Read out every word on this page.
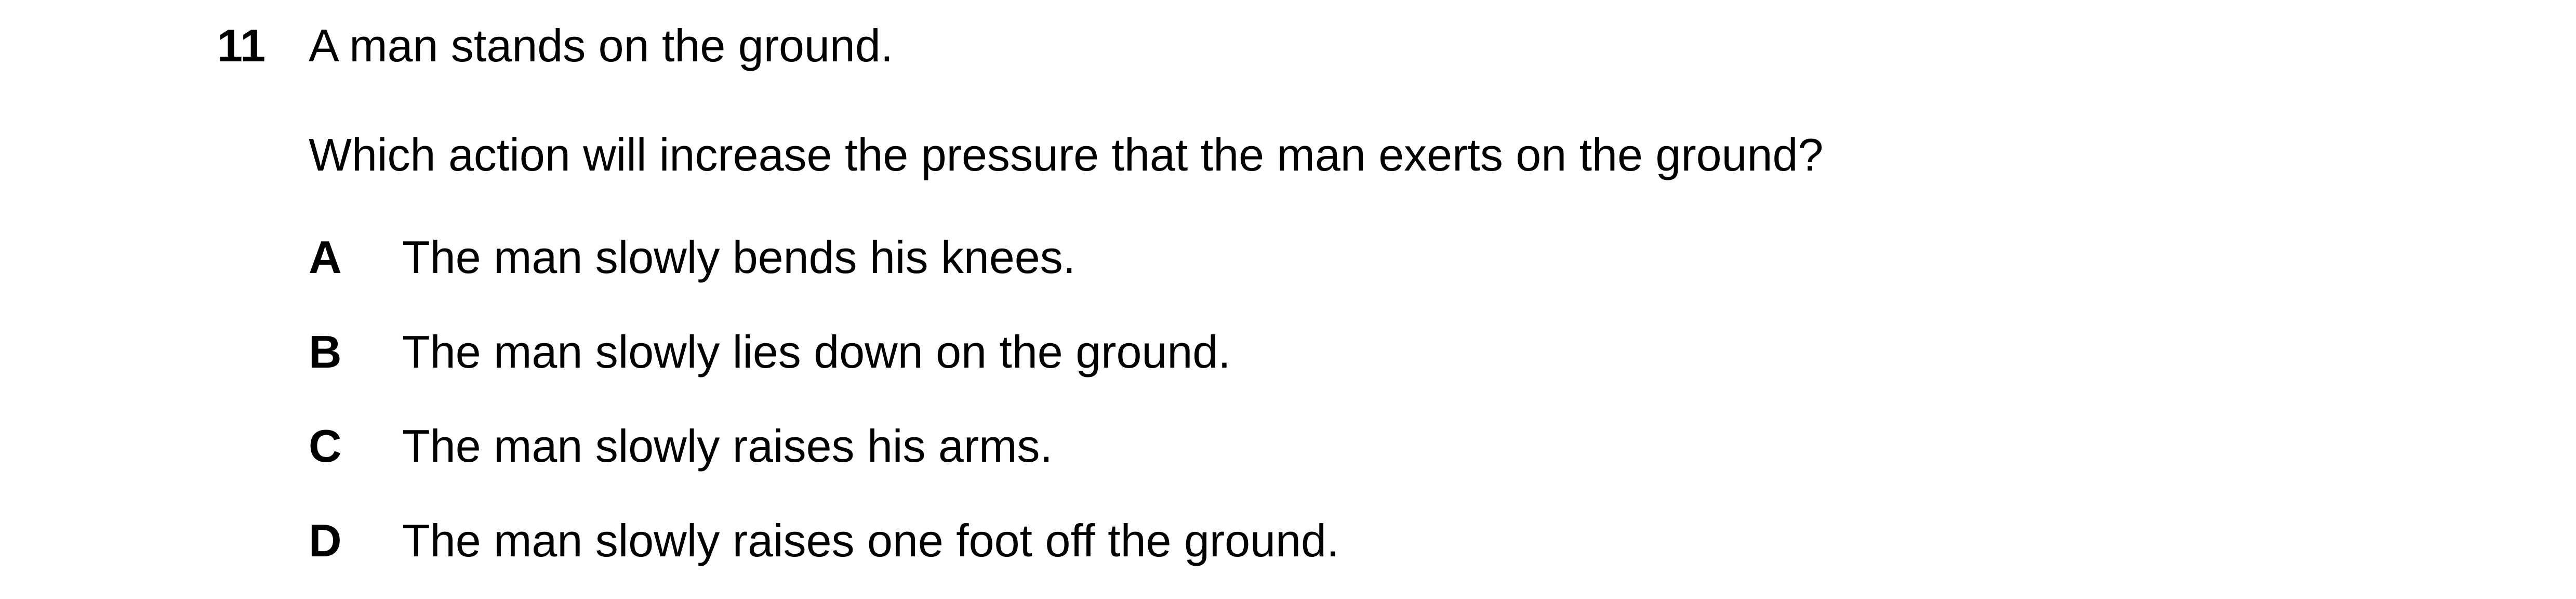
11 A man stands on the ground.
Which action will increase the pressure that the man exerts on the ground?
A The man slowly bends his knees.
B The man slowly lies down on the ground.
C The man slowly raises his arms.
D The man slowly raises one foot off the ground.
